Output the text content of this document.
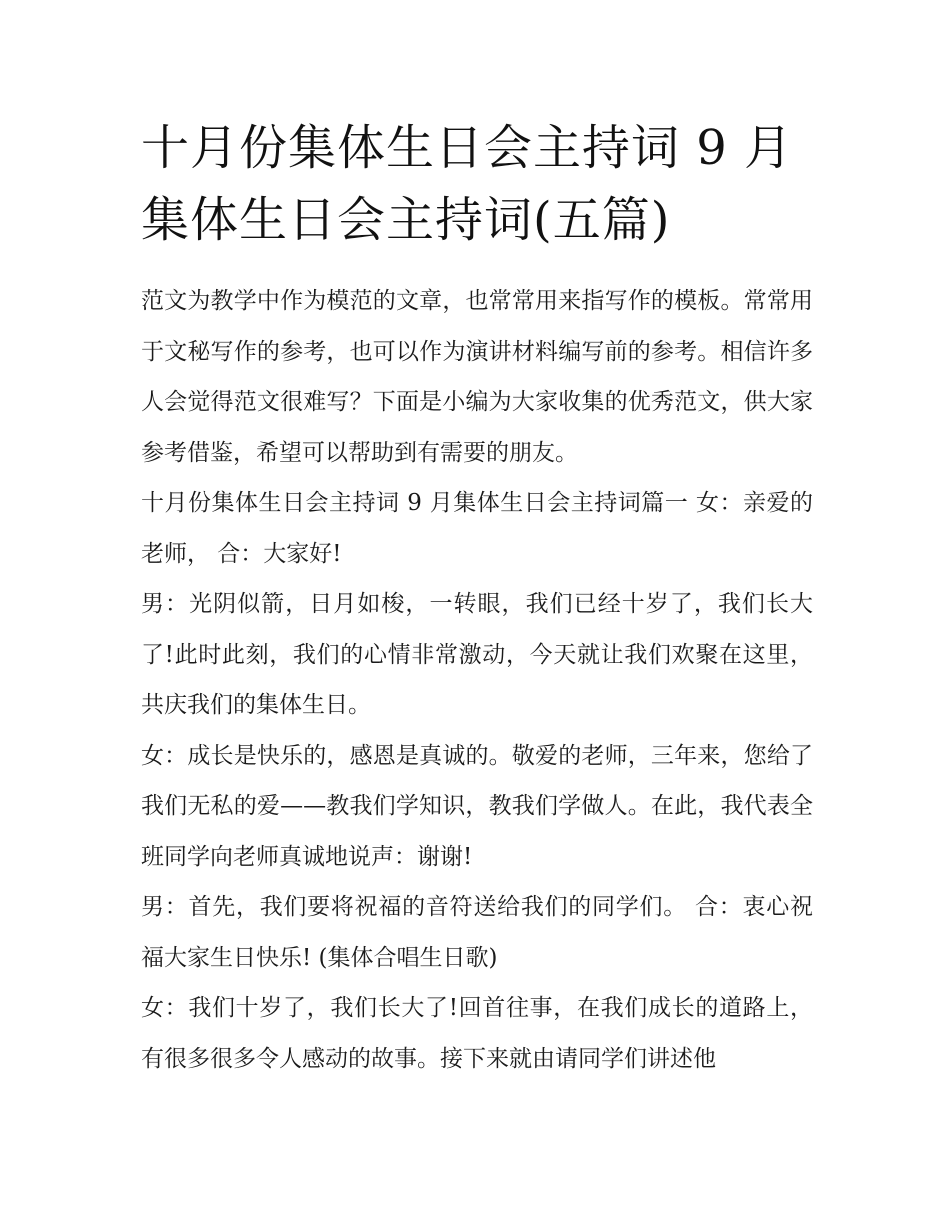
十月份集体生日会主持词 9 月集体生日会主持词(五篇)

范文为教学中作为模范的文章，也常常用来指写作的模板。常常用于文秘写作的参考，也可以作为演讲材料编写前的参考。相信许多人会觉得范文很难写？下面是小编为大家收集的优秀范文，供大家参考借鉴，希望可以帮助到有需要的朋友。

十月份集体生日会主持词 9 月集体生日会主持词篇一 女：亲爱的老师， 合：大家好!

男：光阴似箭，日月如梭，一转眼，我们已经十岁了，我们长大了!此时此刻，我们的心情非常激动，今天就让我们欢聚在这里，共庆我们的集体生日。

女：成长是快乐的，感恩是真诚的。敬爱的老师，三年来，您给了我们无私的爱——教我们学知识，教我们学做人。在此，我代表全班同学向老师真诚地说声：谢谢!

男：首先，我们要将祝福的音符送给我们的同学们。 合：衷心祝福大家生日快乐! (集体合唱生日歌)

女：我们十岁了，我们长大了!回首往事，在我们成长的道路上，有很多很多令人感动的故事。接下来就由请同学们讲述他
